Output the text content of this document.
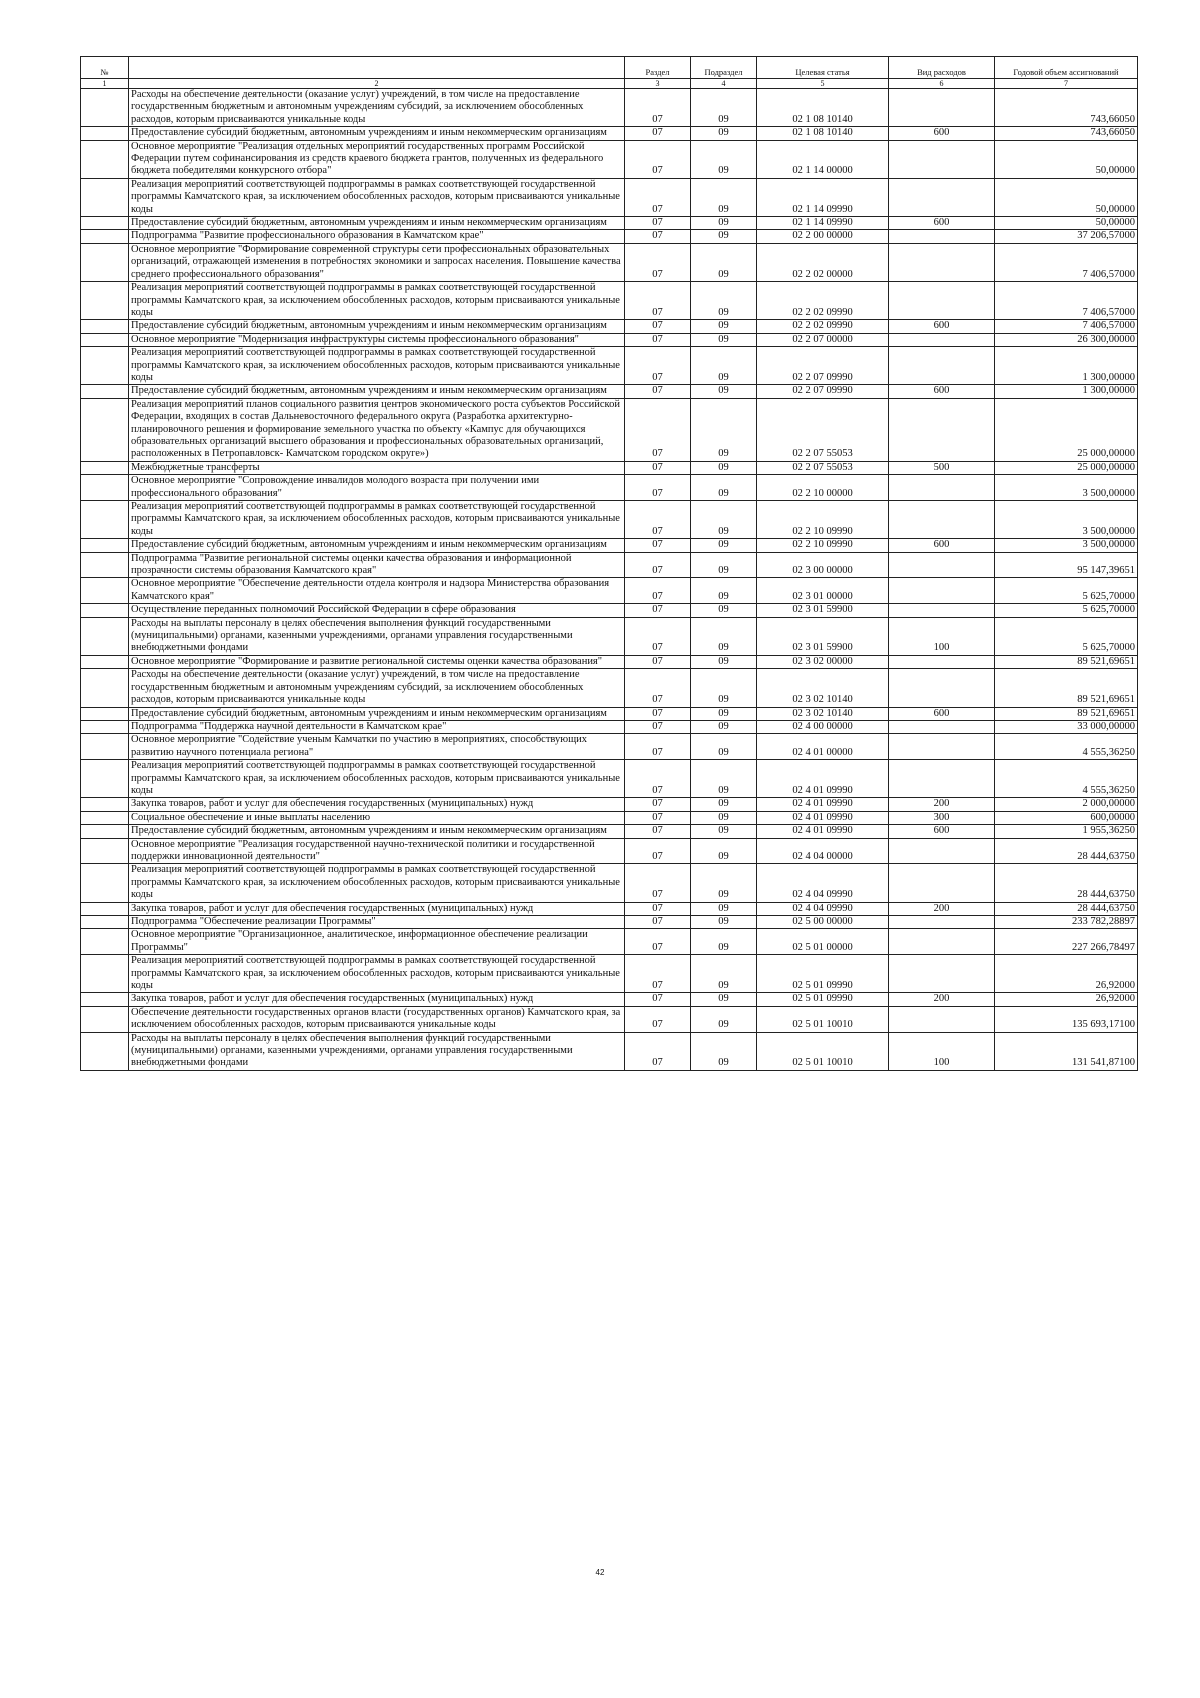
№		Раздел	Подраздел	Целевая статья	Вид расходов	Годовой объем ассигнований
1	2	3	4	5	6	7
	Расходы на обеспечение деятельности (оказание услуг) учреждений, в том числе на предоставление государственным бюджетным и автономным учреждениям субсидий, за исключением обособленных расходов, которым присваиваются уникальные коды	07	09	02 1 08 10140		743,66050
	Предоставление субсидий бюджетным, автономным учреждениям и иным некоммерческим организациям	07	09	02 1 08 10140	600	743,66050
	Основное мероприятие "Реализация отдельных мероприятий государственных программ Российской Федерации путем софинансирования из средств краевого бюджета грантов, полученных из федерального бюджета победителями конкурсного отбора"	07	09	02 1 14 00000		50,00000
	Реализация мероприятий соответствующей подпрограммы в рамках соответствующей государственной программы Камчатского края, за исключением обособленных расходов, которым присваиваются уникальные коды	07	09	02 1 14 09990		50,00000
	Предоставление субсидий бюджетным, автономным учреждениям и иным некоммерческим организациям	07	09	02 1 14 09990	600	50,00000
	Подпрограмма "Развитие профессионального образования в Камчатском крае"	07	09	02 2 00 00000		37 206,57000
	Основное мероприятие "Формирование современной структуры сети профессиональных образовательных организаций, отражающей изменения в потребностях экономики и запросах населения. Повышение качества среднего профессионального образования"	07	09	02 2 02 00000		7 406,57000
	Реализация мероприятий соответствующей подпрограммы в рамках соответствующей государственной программы Камчатского края, за исключением обособленных расходов, которым присваиваются уникальные коды	07	09	02 2 02 09990		7 406,57000
	Предоставление субсидий бюджетным, автономным учреждениям и иным некоммерческим организациям	07	09	02 2 02 09990	600	7 406,57000
	Основное мероприятие "Модернизация инфраструктуры системы профессионального образования"	07	09	02 2 07 00000		26 300,00000
	Реализация мероприятий соответствующей подпрограммы в рамках соответствующей государственной программы Камчатского края, за исключением обособленных расходов, которым присваиваются уникальные коды	07	09	02 2 07 09990		1 300,00000
	Предоставление субсидий бюджетным, автономным учреждениям и иным некоммерческим организациям	07	09	02 2 07 09990	600	1 300,00000
	Реализация мероприятий планов социального развития центров экономического роста субъектов Российской Федерации, входящих в состав Дальневосточного федерального округа (Разработка архитектурно-планировочного решения и формирование земельного участка по объекту «Кампус для обучающихся образовательных организаций высшего образования и профессиональных образовательных организаций, расположенных в Петропавловск- Камчатском городском округе»)	07	09	02 2 07 55053		25 000,00000
	Межбюджетные трансферты	07	09	02 2 07 55053	500	25 000,00000
	Основное мероприятие "Сопровождение инвалидов молодого возраста при получении ими профессионального образования"	07	09	02 2 10 00000		3 500,00000
	Реализация мероприятий соответствующей подпрограммы в рамках соответствующей государственной программы Камчатского края, за исключением обособленных расходов, которым присваиваются уникальные коды	07	09	02 2 10 09990		3 500,00000
	Предоставление субсидий бюджетным, автономным учреждениям и иным некоммерческим организациям	07	09	02 2 10 09990	600	3 500,00000
	Подпрограмма "Развитие региональной системы оценки качества образования и информационной прозрачности системы образования Камчатского края"	07	09	02 3 00 00000		95 147,39651
	Основное мероприятие "Обеспечение деятельности отдела контроля и надзора Министерства образования Камчатского края"	07	09	02 3 01 00000		5 625,70000
	Осуществление переданных полномочий Российской Федерации в сфере образования	07	09	02 3 01 59900		5 625,70000
	Расходы на выплаты персоналу в целях обеспечения выполнения функций государственными (муниципальными) органами, казенными учреждениями, органами управления государственными внебюджетными фондами	07	09	02 3 01 59900	100	5 625,70000
	Основное мероприятие "Формирование и развитие региональной системы оценки качества образования"	07	09	02 3 02 00000		89 521,69651
	Расходы на обеспечение деятельности (оказание услуг) учреждений, в том числе на предоставление государственным бюджетным и автономным учреждениям субсидий, за исключением обособленных расходов, которым присваиваются уникальные коды	07	09	02 3 02 10140		89 521,69651
	Предоставление субсидий бюджетным, автономным учреждениям и иным некоммерческим организациям	07	09	02 3 02 10140	600	89 521,69651
	Подпрограмма "Поддержка научной деятельности в Камчатском крае"	07	09	02 4 00 00000		33 000,00000
	Основное мероприятие "Содействие ученым Камчатки по участию в мероприятиях, способствующих развитию научного потенциала региона"	07	09	02 4 01 00000		4 555,36250
	Реализация мероприятий соответствующей подпрограммы в рамках соответствующей государственной программы Камчатского края, за исключением обособленных расходов, которым присваиваются уникальные коды	07	09	02 4 01 09990		4 555,36250
	Закупка товаров, работ и услуг для обеспечения государственных (муниципальных) нужд	07	09	02 4 01 09990	200	2 000,00000
	Социальное обеспечение и иные выплаты населению	07	09	02 4 01 09990	300	600,00000
	Предоставление субсидий бюджетным, автономным учреждениям и иным некоммерческим организациям	07	09	02 4 01 09990	600	1 955,36250
	Основное мероприятие "Реализация государственной научно-технической политики и государственной поддержки инновационной деятельности"	07	09	02 4 04 00000		28 444,63750
	Реализация мероприятий соответствующей подпрограммы в рамках соответствующей государственной программы Камчатского края, за исключением обособленных расходов, которым присваиваются уникальные коды	07	09	02 4 04 09990		28 444,63750
	Закупка товаров, работ и услуг для обеспечения государственных (муниципальных) нужд	07	09	02 4 04 09990	200	28 444,63750
	Подпрограмма "Обеспечение реализации Программы"	07	09	02 5 00 00000		233 782,28897
	Основное мероприятие "Организационное, аналитическое, информационное обеспечение реализации Программы"	07	09	02 5 01 00000		227 266,78497
	Реализация мероприятий соответствующей подпрограммы в рамках соответствующей государственной программы Камчатского края, за исключением обособленных расходов, которым присваиваются уникальные коды	07	09	02 5 01 09990		26,92000
	Закупка товаров, работ и услуг для обеспечения государственных (муниципальных) нужд	07	09	02 5 01 09990	200	26,92000
	Обеспечение деятельности государственных органов власти (государственных органов) Камчатского края, за исключением обособленных расходов, которым присваиваются уникальные коды	07	09	02 5 01 10010		135 693,17100
	Расходы на выплаты персоналу в целях обеспечения выполнения функций государственными (муниципальными) органами, казенными учреждениями, органами управления государственными внебюджетными фондами	07	09	02 5 01 10010	100	131 541,87100
42
